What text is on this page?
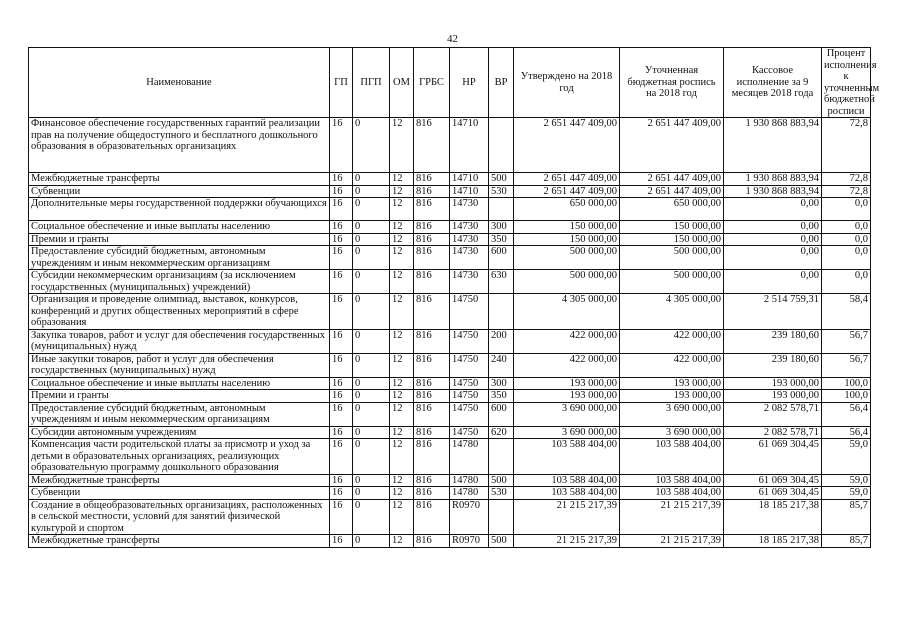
42
Наименование	ГП	ПГП	ОМ	ГРБС	НР	ВР	Утверждено на 2018 год	Уточненная бюджетная роспись на 2018 год	Кассовое исполнение за 9 месяцев 2018 года	Процент исполнения к уточненным бюджетной росписи
Финансовое обеспечение государственных гарантий реализации прав на получение общедоступного и бесплатного дошкольного образования в образовательных организациях	16	0	12	816	14710		2 651 447 409,00	2 651 447 409,00	1 930 868 883,94	72,8
Межбюджетные трансферты	16	0	12	816	14710	500	2 651 447 409,00	2 651 447 409,00	1 930 868 883,94	72,8
Субвенции	16	0	12	816	14710	530	2 651 447 409,00	2 651 447 409,00	1 930 868 883,94	72,8
Дополнительные меры государственной поддержки обучающихся	16	0	12	816	14730		650 000,00	650 000,00	0,00	0,0
Социальное обеспечение и иные выплаты населению	16	0	12	816	14730	300	150 000,00	150 000,00	0,00	0,0
Премии и гранты	16	0	12	816	14730	350	150 000,00	150 000,00	0,00	0,0
Предоставление субсидий бюджетным, автономным учреждениям и иным некоммерческим организациям	16	0	12	816	14730	600	500 000,00	500 000,00	0,00	0,0
Субсидии некоммерческим организациям (за исключением государственных (муниципальных) учреждений)	16	0	12	816	14730	630	500 000,00	500 000,00	0,00	0,0
Организация и проведение олимпиад, выставок, конкурсов, конференций и других общественных мероприятий в сфере образования	16	0	12	816	14750		4 305 000,00	4 305 000,00	2 514 759,31	58,4
Закупка товаров, работ и услуг для обеспечения государственных (муниципальных) нужд	16	0	12	816	14750	200	422 000,00	422 000,00	239 180,60	56,7
Иные закупки товаров, работ и услуг для обеспечения государственных (муниципальных) нужд	16	0	12	816	14750	240	422 000,00	422 000,00	239 180,60	56,7
Социальное обеспечение и иные выплаты населению	16	0	12	816	14750	300	193 000,00	193 000,00	193 000,00	100,0
Премии и гранты	16	0	12	816	14750	350	193 000,00	193 000,00	193 000,00	100,0
Предоставление субсидий бюджетным, автономным учреждениям и иным некоммерческим организациям	16	0	12	816	14750	600	3 690 000,00	3 690 000,00	2 082 578,71	56,4
Субсидии автономным учреждениям	16	0	12	816	14750	620	3 690 000,00	3 690 000,00	2 082 578,71	56,4
Компенсация части родительской платы за присмотр и уход за детьми в образовательных организациях, реализующих образовательную программу дошкольного образования	16	0	12	816	14780		103 588 404,00	103 588 404,00	61 069 304,45	59,0
Межбюджетные трансферты	16	0	12	816	14780	500	103 588 404,00	103 588 404,00	61 069 304,45	59,0
Субвенции	16	0	12	816	14780	530	103 588 404,00	103 588 404,00	61 069 304,45	59,0
Создание в общеобразовательных организациях, расположенных в сельской местности, условий для занятий физической культурой и спортом	16	0	12	816	R0970		21 215 217,39	21 215 217,39	18 185 217,38	85,7
Межбюджетные трансферты	16	0	12	816	R0970	500	21 215 217,39	21 215 217,39	18 185 217,38	85,7
